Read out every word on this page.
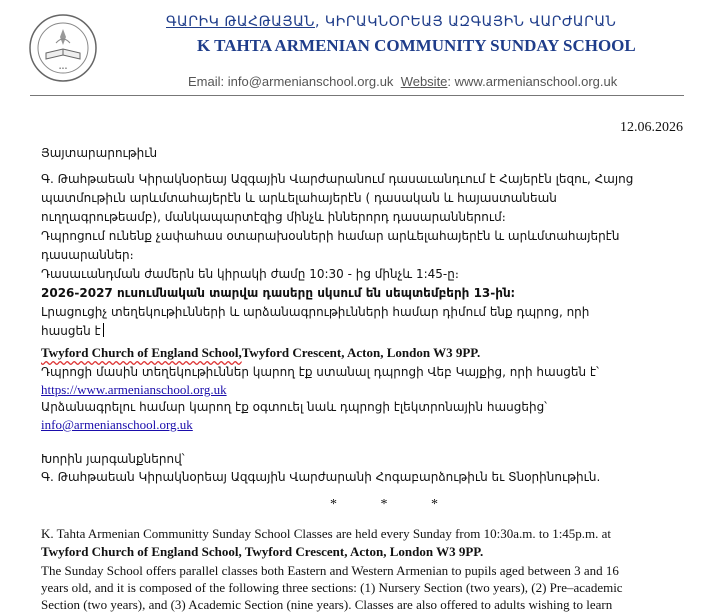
•••
ԳԱՐԻԿ ԹԱՀԹԱՅԱՆ, ԿԻՐԱԿՆՕՐԵԱՅ ԱԶԳԱՅԻՆ ՎԱՐԺԱՐԱՆ
K TAHTA ARMENIAN COMMUNITY SUNDAY SCHOOL
Email: info@armenianschool.org.uk Website: www.armenianschool.org.uk
12.06.2026
Յայտարարութիւն
Գ. Թահթաեան Կիրակնօրեայ Ազգային Վարժարանում դասաւանդւում է Հայերէն լեզու, Հայոց
պատմութիւն արևմտահայերէն և արևելահայերէն ( դասական և հայաստանեան
ուղղագրութեամբ), մանկապարտէզից մինչև իններորդ դասարաններում։
Դպրոցում ունենք չափահաս օտարախօսների համար արևելահայերէն և արևմտահայերէն
դասարաններ։
Դասաւանդման ժամերն են կիրակի ժամը 10:30 - ից մինչև 1:45-ը։
2026-2027 ուսումնական տարվա դասերը սկսում են սեպտեմբերի 13-ին։
Լրացուցիչ տեղեկութիւնների և արձանագրութիւնների համար դիմում ենք դպրոց, որի
հասցեն է
Twyford Church of England School,Twyford Crescent, Acton, London W3 9PP.
Դպրոցի մասին տեղեկութիւններ կարող էք ստանալ դպրոցի Վեբ Կայքից, որի հասցեն է՝
https://www.armenianschool.org.uk
Արձանագրելու համար կարող էք օգտուել նաև դպրոցի էլեկտրոնային հասցեից՝
info@armenianschool.org.uk
Խորին յարգանքներով՝
Գ. Թահթաեան Կիրակնօրեայ Ազգային Վարժարանի Հոգաբարձութիւն եւ Տնօրինութիւն.
* * *
K. Tahta Armenian Communitty Sunday School Classes are held every Sunday from 10:30a.m. to 1:45p.m. at
Twyford Church of England School, Twyford Crescent, Acton, London W3 9PP.
The Sunday School offers parallel classes both Eastern and Western Armenian to pupils aged between 3 and 16
years old, and it is composed of the following three sections: (1) Nursery Section (two years), (2) Pre–academic
Section (two years), and (3) Academic Section (nine years). Classes are also offered to adults wishing to learn
